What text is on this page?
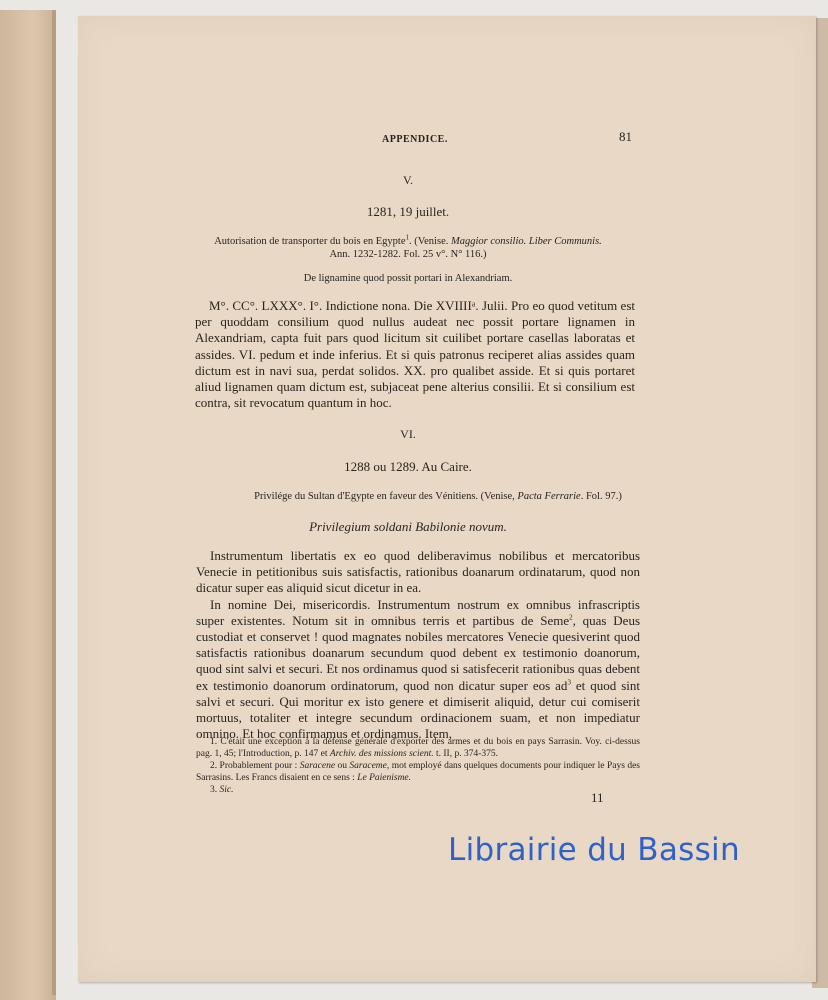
APPENDICE.	81
V.
1281, 19 juillet.
Autorisation de transporter du bois en Egypte$^1$. (Venise. Maggior consilio. Liber Communis.
Ann. 1232-1282. Fol. 25 v°. N° 116.)
De lignamine quod possit portari in Alexandriam.

M°. CC°. LXXX°. I°. Indictione nona. Die XVIIIIᵃ. Julii. Pro eo quod vetitum est per quoddam consilium quod nullus audeat nec possit portare lignamen in Alexandriam, capta fuit pars quod licitum sit cuilibet portare casellas laboratas et assides. VI. pedum et inde inferius. Et si quis patronus reciperet alias assides quam dictum est in navi sua, perdat solidos. XX. pro qualibet asside. Et si quis portaret aliud lignamen quam dictum est, subjaceat pene alterius consilii. Et si consilium est contra, sit revocatum quantum in hoc.

VI.
1288 ou 1289. Au Caire.
Privilége du Sultan d'Egypte en faveur des Vénitiens. (Venise, Pacta Ferrarie. Fol. 97.)
Privilegium soldani Babilonie novum.

Instrumentum libertatis ex eo quod deliberavimus nobilibus et mercatoribus Venecie in petitionibus suis satisfactis, rationibus doanarum ordinatarum, quod non dicatur super eas aliquid sicut dicetur in ea.

In nomine Dei, misericordis. Instrumentum nostrum ex omnibus infrascriptis super existentes. Notum sit in omnibus terris et partibus de Seme$^2$, quas Deus custodiat et conservet ! quod magnates nobiles mercatores Venecie quesiverint quod satisfactis rationibus doanarum secundum quod debent ex testimonio doanorum, quod sint salvi et securi. Et nos ordinamus quod si satisfecerit rationibus quas debent ex testimonio doanorum ordinatorum, quod non dicatur super eos $ad^3$ et quod sint salvi et securi. Qui moritur ex isto genere et dimiserit aliquid, detur cui comiserit mortuus, totaliter et integre secundum ordinacionem suam, et non impediatur omnino. Et hoc confirmamus et ordinamus. Item,

1. C'était une exception à la défense générale d'exporter des armes et du bois en pays Sarrasin. Voy. ci-dessus pag. 1, 45; l'Introduction, p. 147 et Archiv. des missions scient. t. II, p. 374-375.

2. Probablement pour : Saracene ou Saraceme, mot employé dans quelques documents pour indiquer le Pays des Sarrasins. Les Francs disaient en ce sens : Le Paienisme.

3. Sic.	11
Librairie du Bassin
